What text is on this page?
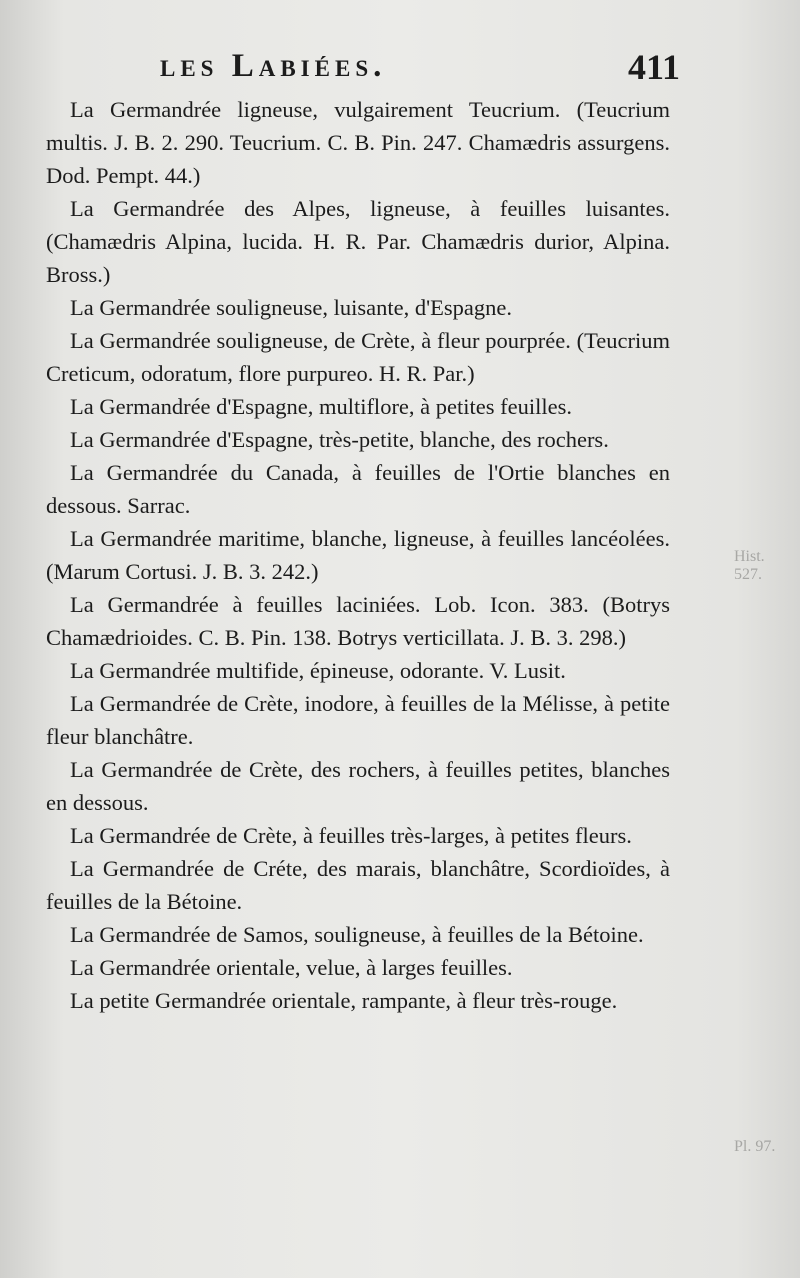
les Labiées.	411
Hist. 527.
Pl. 97.

La Germandrée ligneuse, vulgairement Teucrium. (Teucrium multis. J. B. 2. 290. Teucrium. C. B. Pin. 247. Chamædris assurgens. Dod. Pempt. 44.)

La Germandrée des Alpes, ligneuse, à feuilles luisantes. (Chamædris Alpina, lucida. H. R. Par. Chamædris durior, Alpina. Bross.)

La Germandrée souligneuse, luisante, d'Espagne.

La Germandrée souligneuse, de Crète, à fleur pourprée. (Teucrium Creticum, odoratum, flore purpureo. H. R. Par.)

La Germandrée d'Espagne, multiflore, à petites feuilles.

La Germandrée d'Espagne, très-petite, blanche, des rochers.

La Germandrée du Canada, à feuilles de l'Ortie blanches en dessous. Sarrac.

La Germandrée maritime, blanche, ligneuse, à feuilles lancéolées. (Marum Cortusi. J. B. 3. 242.)

La Germandrée à feuilles laciniées. Lob. Icon. 383. (Botrys Chamædrioides. C. B. Pin. 138. Botrys verticillata. J. B. 3. 298.)

La Germandrée multifide, épineuse, odorante. V. Lusit.

La Germandrée de Crète, inodore, à feuilles de la Mélisse, à petite fleur blanchâtre.

La Germandrée de Crète, des rochers, à feuilles petites, blanches en dessous.

La Germandrée de Crète, à feuilles très-larges, à petites fleurs.

La Germandrée de Créte, des marais, blanchâtre, Scordioïdes, à feuilles de la Bétoine.

La Germandrée de Samos, souligneuse, à feuilles de la Bétoine.

La Germandrée orientale, velue, à larges feuilles.

La petite Germandrée orientale, rampante, à fleur très-rouge.
